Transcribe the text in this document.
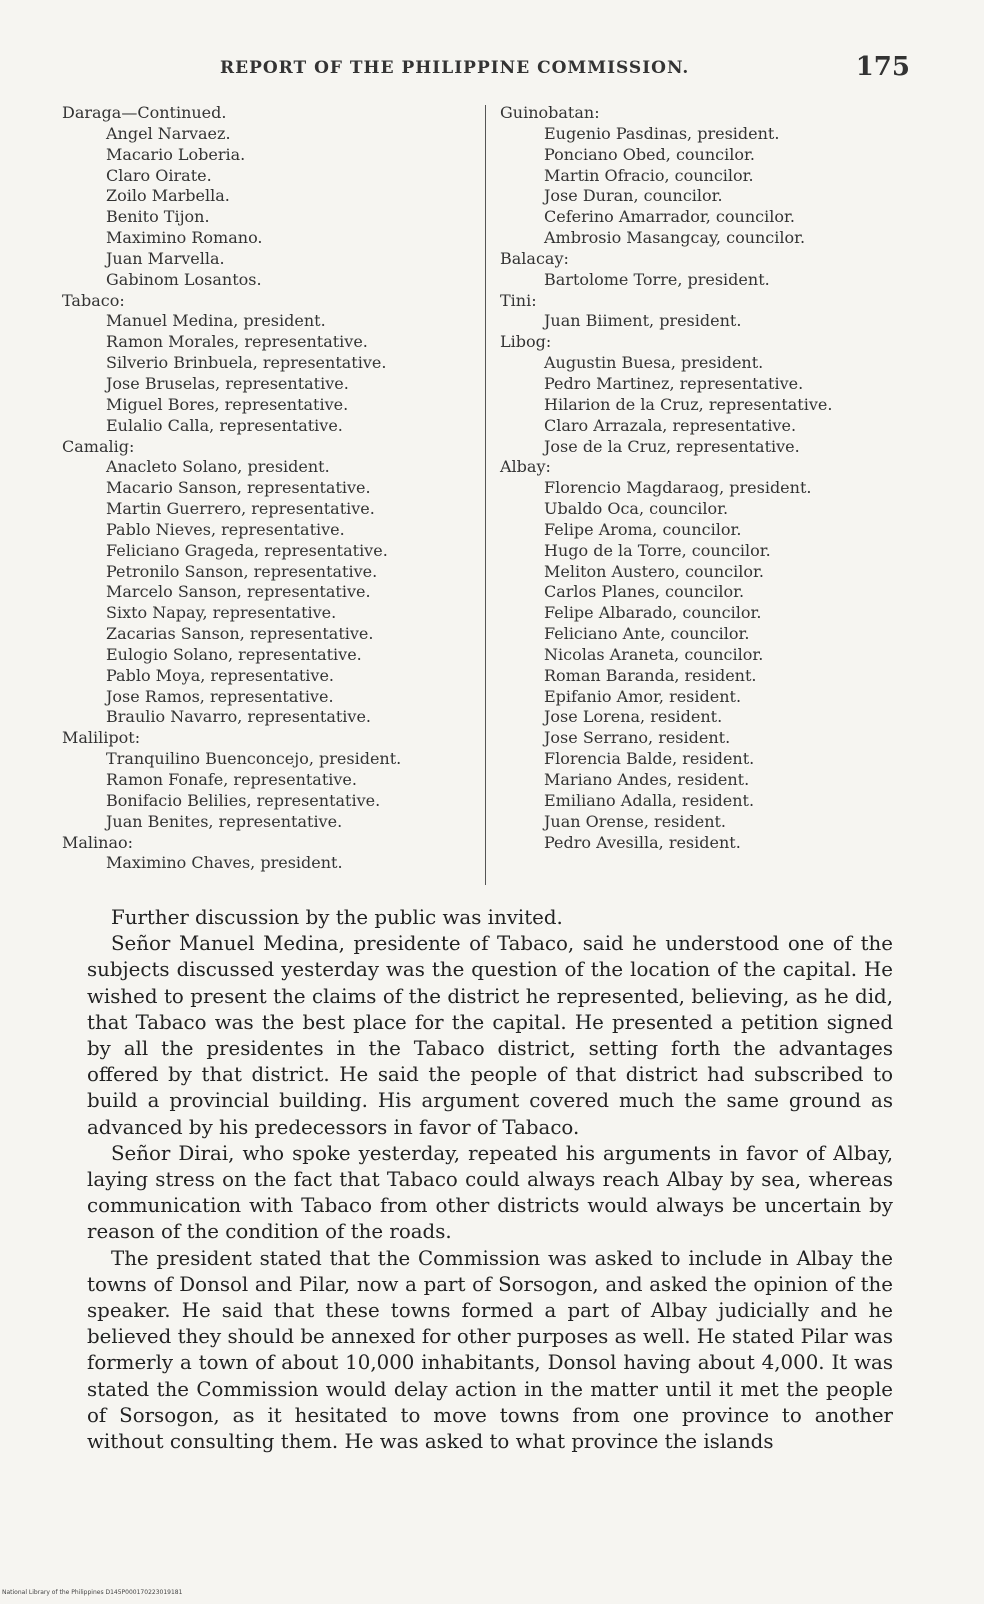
REPORT OF THE PHILIPPINE COMMISSION.	175
Daraga—Continued.
Angel Narvaez.
Macario Loberia.
Claro Oirate.
Zoilo Marbella.
Benito Tijon.
Maximino Romano.
Juan Marvella.
Gabinom Losantos.
Tabaco:
Manuel Medina, president.
Ramon Morales, representative.
Silverio Brinbuela, representative.
Jose Bruselas, representative.
Miguel Bores, representative.
Eulalio Calla, representative.
Camalig:
Anacleto Solano, president.
Macario Sanson, representative.
Martin Guerrero, representative.
Pablo Nieves, representative.
Feliciano Grageda, representative.
Petronilo Sanson, representative.
Marcelo Sanson, representative.
Sixto Napay, representative.
Zacarias Sanson, representative.
Eulogio Solano, representative.
Pablo Moya, representative.
Jose Ramos, representative.
Braulio Navarro, representative.
Malilipot:
Tranquilino Buenconcejo, president.
Ramon Fonafe, representative.
Bonifacio Belilies, representative.
Juan Benites, representative.
Malinao:
Maximino Chaves, president.
Guinobatan:
Eugenio Pasdinas, president.
Ponciano Obed, councilor.
Martin Ofracio, councilor.
Jose Duran, councilor.
Ceferino Amarrador, councilor.
Ambrosio Masangcay, councilor.
Balacay:
Bartolome Torre, president.
Tini:
Juan Biiment, president.
Libog:
Augustin Buesa, president.
Pedro Martinez, representative.
Hilarion de la Cruz, representative.
Claro Arrazala, representative.
Jose de la Cruz, representative.
Albay:
Florencio Magdaraog, president.
Ubaldo Oca, councilor.
Felipe Aroma, councilor.
Hugo de la Torre, councilor.
Meliton Austero, councilor.
Carlos Planes, councilor.
Felipe Albarado, councilor.
Feliciano Ante, councilor.
Nicolas Araneta, councilor.
Roman Baranda, resident.
Epifanio Amor, resident.
Jose Lorena, resident.
Jose Serrano, resident.
Florencia Balde, resident.
Mariano Andes, resident.
Emiliano Adalla, resident.
Juan Orense, resident.
Pedro Avesilla, resident.

Further discussion by the public was invited.

Señor Manuel Medina, presidente of Tabaco, said he understood one of the subjects discussed yesterday was the question of the location of the capital. He wished to present the claims of the district he represented, believing, as he did, that Tabaco was the best place for the capital. He presented a petition signed by all the presidentes in the Tabaco district, setting forth the advantages offered by that district. He said the people of that district had subscribed to build a provincial building. His argument covered much the same ground as advanced by his predecessors in favor of Tabaco.

Señor Dirai, who spoke yesterday, repeated his arguments in favor of Albay, laying stress on the fact that Tabaco could always reach Albay by sea, whereas communication with Tabaco from other districts would always be uncertain by reason of the condition of the roads.

The president stated that the Commission was asked to include in Albay the towns of Donsol and Pilar, now a part of Sorsogon, and asked the opinion of the speaker. He said that these towns formed a part of Albay judicially and he believed they should be annexed for other purposes as well. He stated Pilar was formerly a town of about 10,000 inhabitants, Donsol having about 4,000. It was stated the Commission would delay action in the matter until it met the people of Sorsogon, as it hesitated to move towns from one province to another without consulting them. He was asked to what province the islands

National Library of the Philippines D145P000170223019181
